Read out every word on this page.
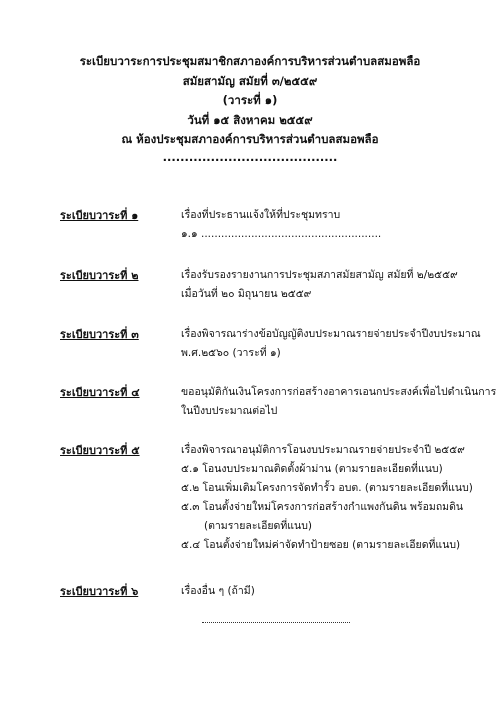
ระเบียบวาระการประชุมสมาชิกสภาองค์การบริหารส่วนตำบลสมอพลือ
สมัยสามัญ สมัยที่ ๓/๒๕๕๙
(วาระที่ ๑)
วันที่ ๑๕ สิงหาคม ๒๕๕๙
ณ ห้องประชุมสภาองค์การบริหารส่วนตำบลสมอพลือ
........................................
ระเบียบวาระที่ ๑	เรื่องที่ประธานแจ้งให้ที่ประชุมทราบ
๑.๑ ......................................................
ระเบียบวาระที่ ๒	เรื่องรับรองรายงานการประชุมสภาสมัยสามัญ สมัยที่ ๒/๒๕๕๙
เมื่อวันที่ ๒๐ มิถุนายน ๒๕๕๙
ระเบียบวาระที่ ๓	เรื่องพิจารณาร่างข้อบัญญัติงบประมาณรายจ่ายประจำปีงบประมาณ
พ.ศ.๒๕๖๐ (วาระที่ ๑)
ระเบียบวาระที่ ๔	ขออนุมัติกันเงินโครงการก่อสร้างอาคารเอนกประสงค์เพื่อไปดำเนินการ
ในปีงบประมาณต่อไป
ระเบียบวาระที่ ๕	เรื่องพิจารณาอนุมัติการโอนงบประมาณรายจ่ายประจำปี ๒๕๕๙
๕.๑ โอนงบประมาณติดตั้งผ้าม่าน (ตามรายละเอียดที่แนบ)
๕.๒ โอนเพิ่มเติมโครงการจัดทำรั้ว อบต. (ตามรายละเอียดที่แนบ)
๕.๓ โอนตั้งจ่ายใหม่โครงการก่อสร้างกำแพงกันดิน พร้อมถมดิน
(ตามรายละเอียดที่แนบ)
๕.๔ โอนตั้งจ่ายใหม่ค่าจัดทำป้ายซอย (ตามรายละเอียดที่แนบ)
ระเบียบวาระที่ ๖	เรื่องอื่น ๆ (ถ้ามี)
